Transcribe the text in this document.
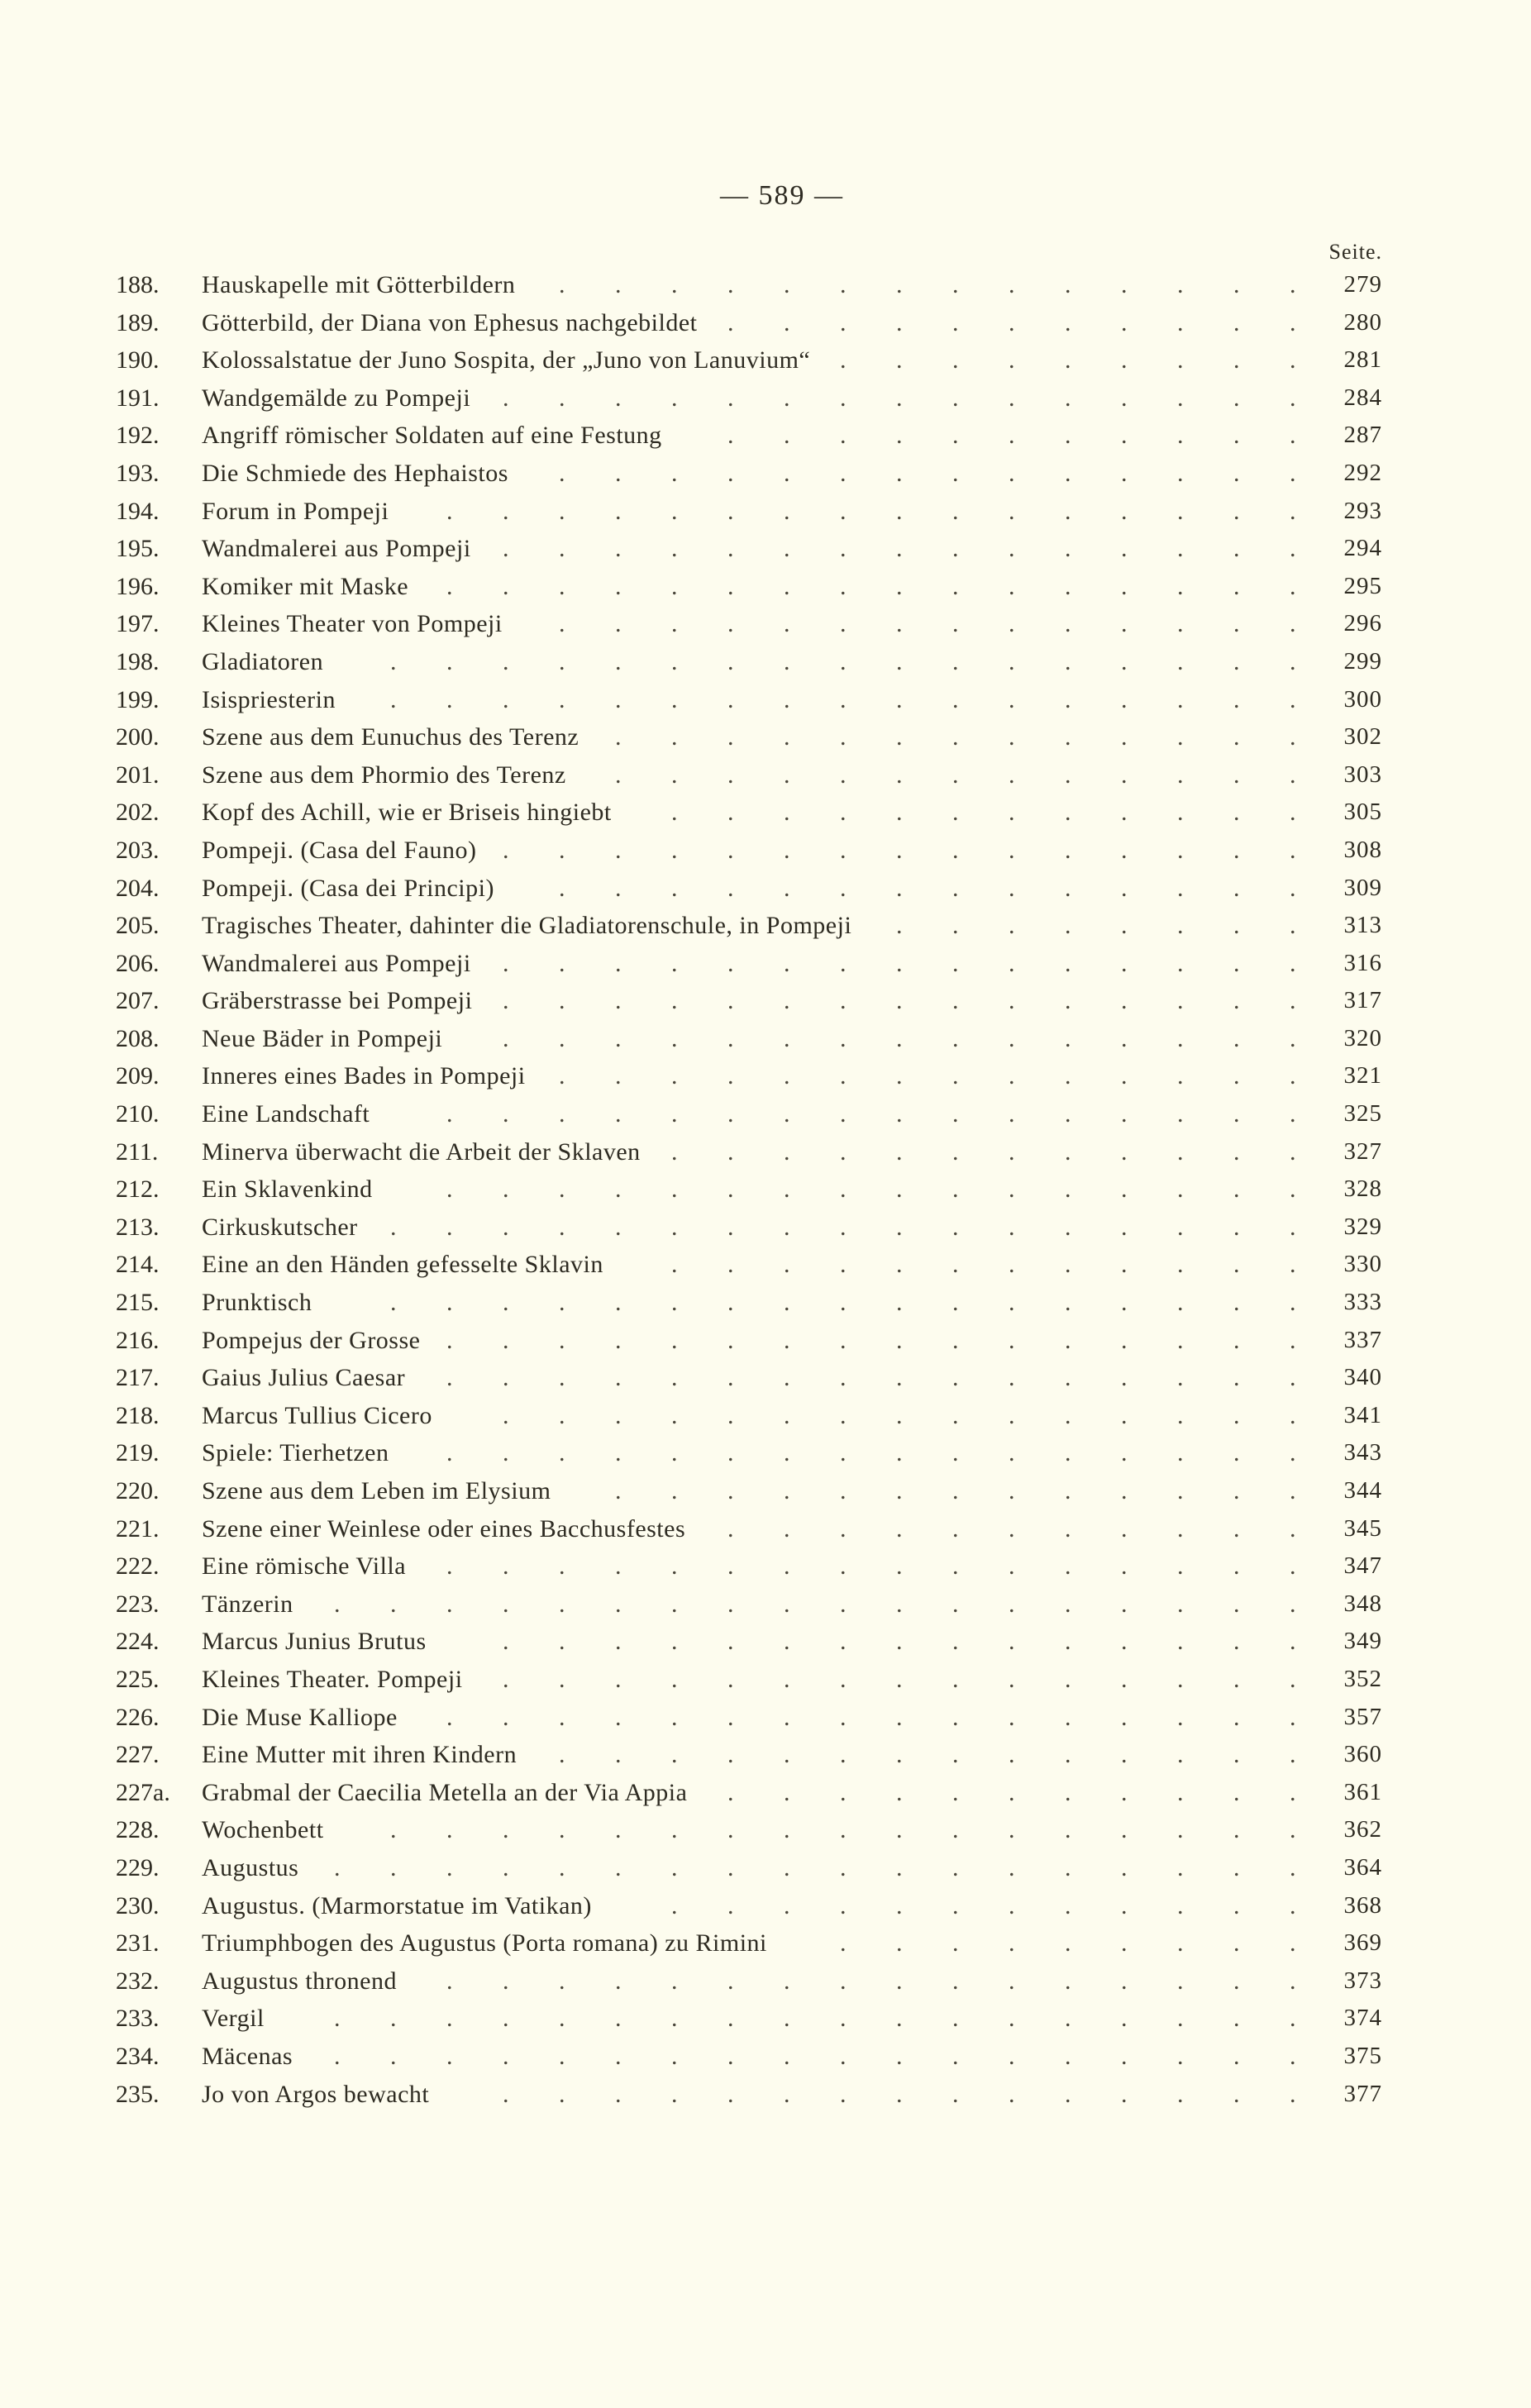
— 589 —
Seite.
188. Hauskapelle mit Götterbildern	279
.
.
.
.
.
.
.
.
.
.
.
.
.
.
189. Götterbild, der Diana von Ephesus nachgebildet	280
.
.
.
.
.
.
.
.
.
.
.
190. Kolossalstatue der Juno Sospita, der „Juno von Lanuvium“	281
.
.
.
.
.
.
.
.
.
191. Wandgemälde zu Pompeji	284
.
.
.
.
.
.
.
.
.
.
.
.
.
.
.
192. Angriff römischer Soldaten auf eine Festung	287
.
.
.
.
.
.
.
.
.
.
.
193. Die Schmiede des Hephaistos	292
.
.
.
.
.
.
.
.
.
.
.
.
.
.
194. Forum in Pompeji	293
.
.
.
.
.
.
.
.
.
.
.
.
.
.
.
.
195. Wandmalerei aus Pompeji	294
.
.
.
.
.
.
.
.
.
.
.
.
.
.
.
196. Komiker mit Maske	295
.
.
.
.
.
.
.
.
.
.
.
.
.
.
.
.
197. Kleines Theater von Pompeji	296
.
.
.
.
.
.
.
.
.
.
.
.
.
.
198. Gladiatoren	299
.
.
.
.
.
.
.
.
.
.
.
.
.
.
.
.
.
199. Isispriesterin	300
.
.
.
.
.
.
.
.
.
.
.
.
.
.
.
.
.
200. Szene aus dem Eunuchus des Terenz	302
.
.
.
.
.
.
.
.
.
.
.
.
.
201. Szene aus dem Phormio des Terenz	303
.
.
.
.
.
.
.
.
.
.
.
.
.
202. Kopf des Achill, wie er Briseis hingiebt	305
.
.
.
.
.
.
.
.
.
.
.
.
203. Pompeji. (Casa del Fauno)	308
.
.
.
.
.
.
.
.
.
.
.
.
.
.
.
204. Pompeji. (Casa dei Principi)	309
.
.
.
.
.
.
.
.
.
.
.
.
.
.
205. Tragisches Theater, dahinter die Gladiatorenschule, in Pompeji	313
.
.
.
.
.
.
.
.
206. Wandmalerei aus Pompeji	316
.
.
.
.
.
.
.
.
.
.
.
.
.
.
.
207. Gräberstrasse bei Pompeji	317
.
.
.
.
.
.
.
.
.
.
.
.
.
.
.
208. Neue Bäder in Pompeji	320
.
.
.
.
.
.
.
.
.
.
.
.
.
.
.
209. Inneres eines Bades in Pompeji	321
.
.
.
.
.
.
.
.
.
.
.
.
.
.
210. Eine Landschaft	325
.
.
.
.
.
.
.
.
.
.
.
.
.
.
.
.
211. Minerva überwacht die Arbeit der Sklaven	327
.
.
.
.
.
.
.
.
.
.
.
.
212. Ein Sklavenkind	328
.
.
.
.
.
.
.
.
.
.
.
.
.
.
.
.
213. Cirkuskutscher	329
.
.
.
.
.
.
.
.
.
.
.
.
.
.
.
.
.
214. Eine an den Händen gefesselte Sklavin	330
.
.
.
.
.
.
.
.
.
.
.
.
215. Prunktisch	333
.
.
.
.
.
.
.
.
.
.
.
.
.
.
.
.
.
216. Pompejus der Grosse	337
.
.
.
.
.
.
.
.
.
.
.
.
.
.
.
.
217. Gaius Julius Caesar	340
.
.
.
.
.
.
.
.
.
.
.
.
.
.
.
.
218. Marcus Tullius Cicero	341
.
.
.
.
.
.
.
.
.
.
.
.
.
.
.
219. Spiele: Tierhetzen	343
.
.
.
.
.
.
.
.
.
.
.
.
.
.
.
.
220. Szene aus dem Leben im Elysium	344
.
.
.
.
.
.
.
.
.
.
.
.
.
221. Szene einer Weinlese oder eines Bacchusfestes	345
.
.
.
.
.
.
.
.
.
.
.
222. Eine römische Villa	347
.
.
.
.
.
.
.
.
.
.
.
.
.
.
.
.
223. Tänzerin	348
.
.
.
.
.
.
.
.
.
.
.
.
.
.
.
.
.
.
224. Marcus Junius Brutus	349
.
.
.
.
.
.
.
.
.
.
.
.
.
.
.
225. Kleines Theater. Pompeji	352
.
.
.
.
.
.
.
.
.
.
.
.
.
.
.
226. Die Muse Kalliope	357
.
.
.
.
.
.
.
.
.
.
.
.
.
.
.
.
227. Eine Mutter mit ihren Kindern	360
.
.
.
.
.
.
.
.
.
.
.
.
.
.
227a. Grabmal der Caecilia Metella an der Via Appia	361
.
.
.
.
.
.
.
.
.
.
.
228. Wochenbett	362
.
.
.
.
.
.
.
.
.
.
.
.
.
.
.
.
.
229. Augustus	364
.
.
.
.
.
.
.
.
.
.
.
.
.
.
.
.
.
.
230. Augustus. (Marmorstatue im Vatikan)	368
.
.
.
.
.
.
.
.
.
.
.
.
231. Triumphbogen des Augustus (Porta romana) zu Rimini	369
.
.
.
.
.
.
.
.
.
232. Augustus thronend	373
.
.
.
.
.
.
.
.
.
.
.
.
.
.
.
.
233. Vergil	374
.
.
.
.
.
.
.
.
.
.
.
.
.
.
.
.
.
.
234. Mäcenas	375
.
.
.
.
.
.
.
.
.
.
.
.
.
.
.
.
.
.
235. Jo von Argos bewacht	377
.
.
.
.
.
.
.
.
.
.
.
.
.
.
.
